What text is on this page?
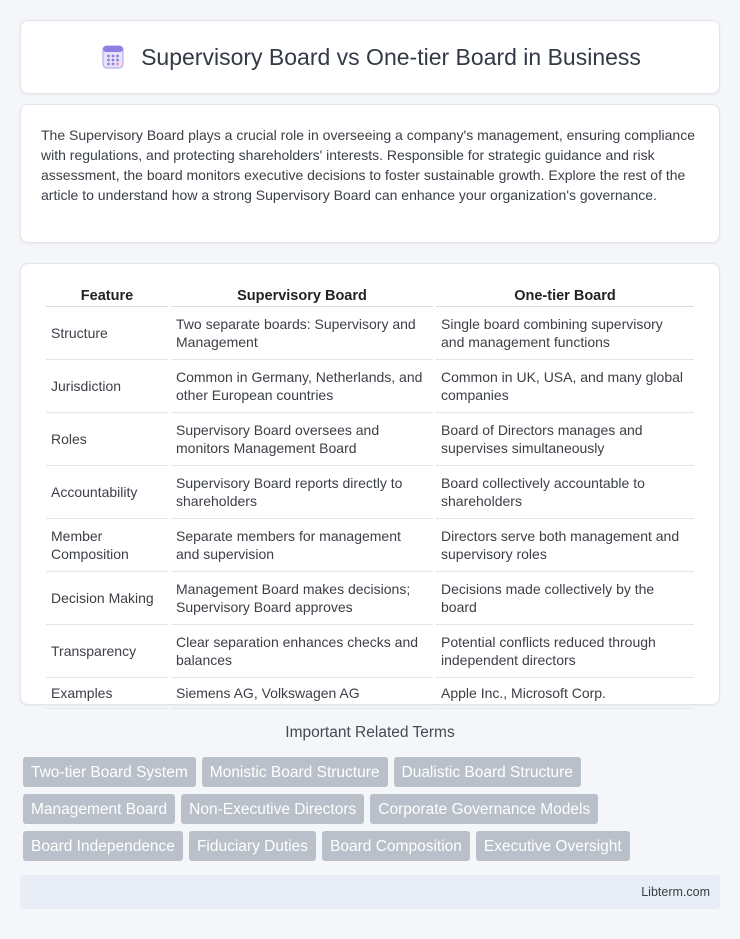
Supervisory Board vs One-tier Board in Business

The Supervisory Board plays a crucial role in overseeing a company's management, ensuring compliance with regulations, and protecting shareholders' interests. Responsible for strategic guidance and risk assessment, the board monitors executive decisions to foster sustainable growth. Explore the rest of the article to understand how a strong Supervisory Board can enhance your organization's governance.

Feature	Supervisory Board	One-tier Board
Structure	Two separate boards: Supervisory and Management	Single board combining supervisory and management functions
Jurisdiction	Common in Germany, Netherlands, and other European countries	Common in UK, USA, and many global companies
Roles	Supervisory Board oversees and monitors Management Board	Board of Directors manages and supervises simultaneously
Accountability	Supervisory Board reports directly to shareholders	Board collectively accountable to shareholders
Member Composition	Separate members for management and supervision	Directors serve both management and supervisory roles
Decision Making	Management Board makes decisions; Supervisory Board approves	Decisions made collectively by the board
Transparency	Clear separation enhances checks and balances	Potential conflicts reduced through independent directors
Examples	Siemens AG, Volkswagen AG	Apple Inc., Microsoft Corp.
Important Related Terms
Two-tier Board System	Monistic Board Structure	Dualistic Board Structure
Management Board	Non-Executive Directors	Corporate Governance Models
Board Independence	Fiduciary Duties	Board Composition	Executive Oversight
Libterm.com
